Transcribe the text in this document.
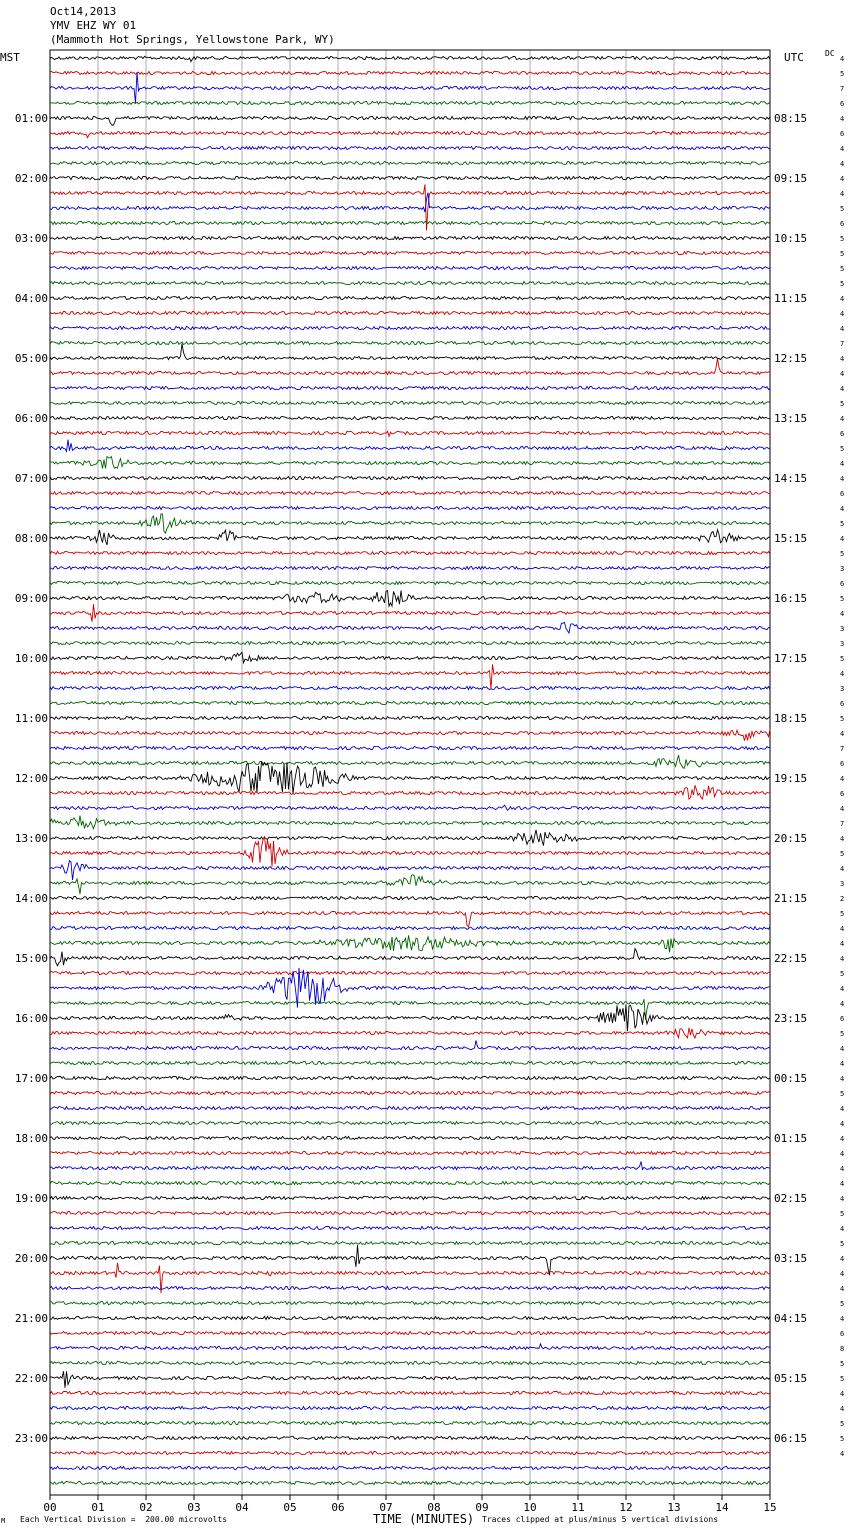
Oct14,2013
YMV EHZ WY 01
(Mammoth Hot Springs, Yellowstone Park, WY)
MST	UTC	DC
01:00	08:15
02:00	09:15
03:00	10:15
04:00	11:15
05:00	12:15
06:00	13:15
07:00	14:15
08:00	15:15
09:00	16:15
10:00	17:15
11:00	18:15
12:00	19:15
13:00	20:15
14:00	21:15
15:00	22:15
16:00	23:15
17:00	00:15
18:00	01:15
19:00	02:15
20:00	03:15
21:00	04:15
22:00	05:15
23:00	06:15
4
5
7
6
4
6
4
4
4
4
5
6
5
5
5
5
4
4
4
7
4
4
4
5
4
6
5
4
4
6
4
5
4
5
3
6
5
4
3
3
5
4
3
6
5
4
7
6
4
6
4
7
4
5
4
3
2
5
4
4
4
5
4
4
6
5
4
4
4
5
4
4
4
4
4
4
4
5
4
5
4
4
4
5
4
6
8
5
5
4
4
5
5
4
00	01	02	03	04	05	06	07	08	09	10	11	12	13	14	15
TIME (MINUTES)
Each Vertical Division =  200.00 microvolts	Traces clipped at plus/minus 5 vertical divisions
M
